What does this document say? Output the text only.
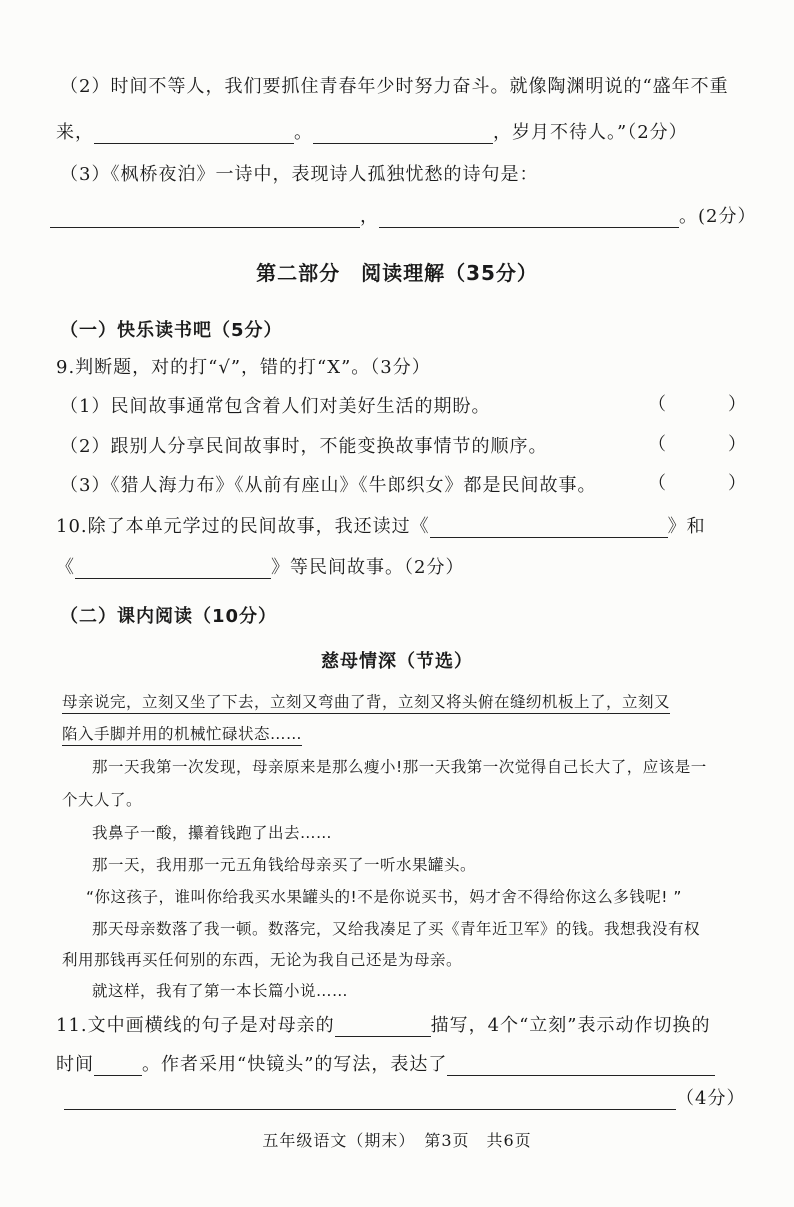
（2）时间不等人，我们要抓住青春年少时努力奋斗。就像陶渊明说的“盛年不重
来，	。	，岁月不待人。”（2分）
（3）《枫桥夜泊》一诗中，表现诗人孤独忧愁的诗句是：
，	。(2分）
第二部分　阅读理解（35分）
（一）快乐读书吧（5分）
9.判断题，对的打“√”，错的打“X”。（3分）
（1）民间故事通常包含着人们对美好生活的期盼。	（	）
（2）跟别人分享民间故事时，不能变换故事情节的顺序。	（	）
（3）《猎人海力布》《从前有座山》《牛郎织女》都是民间故事。	（	）
10.除了本单元学过的民间故事，我还读过《	》和
《	》等民间故事。（2分）
（二）课内阅读（10分）
慈母情深（节选）
母亲说完，立刻又坐了下去，立刻又弯曲了背，立刻又将头俯在缝纫机板上了，立刻又
陷入手脚并用的机械忙碌状态……
那一天我第一次发现，母亲原来是那么瘦小!那一天我第一次觉得自己长大了，应该是一
个大人了。
我鼻子一酸，攥着钱跑了出去……
那一天，我用那一元五角钱给母亲买了一听水果罐头。
“你这孩子，谁叫你给我买水果罐头的!不是你说买书，妈才舍不得给你这么多钱呢! ”
那天母亲数落了我一顿。数落完，又给我凑足了买《青年近卫军》的钱。我想我没有权
利用那钱再买任何别的东西，无论为我自己还是为母亲。
就这样，我有了第一本长篇小说……
11.文中画横线的句子是对母亲的	描写，4个“立刻”表示动作切换的
时间	。作者采用“快镜头”的写法，表达了
（4分）
五年级语文（期末）　第3页　共6页
